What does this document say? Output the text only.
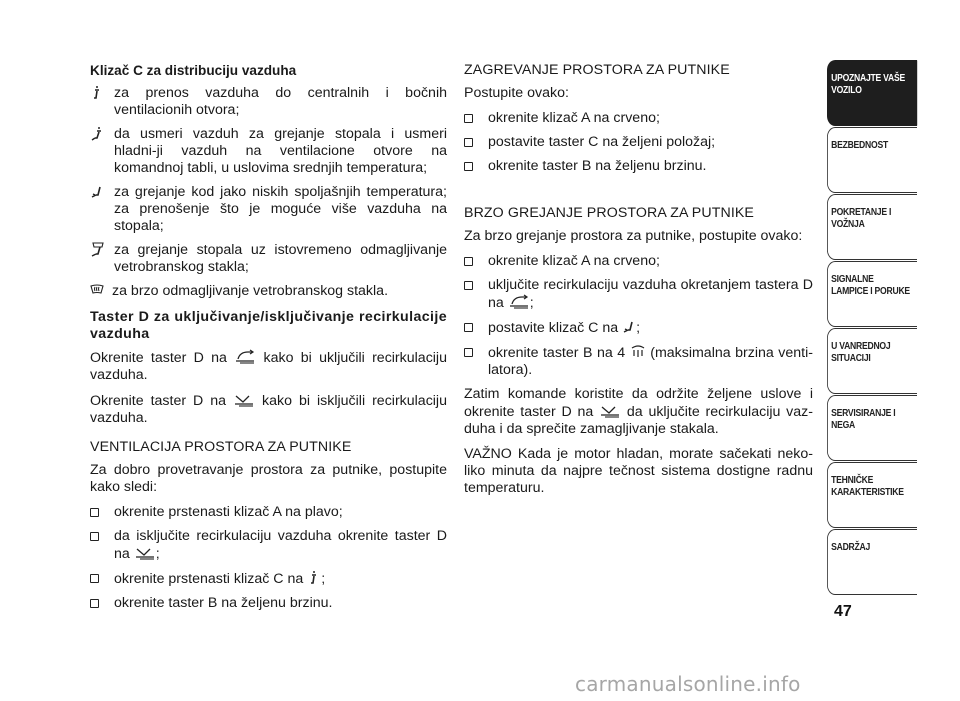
Klizač C za distribuciju vazduha
za prenos vazduha do centralnih i bočnih ventilacionih otvora;
da usmeri vazduh za grejanje stopala i usmeri hladni-ji vazduh na ventilacione otvore na komandnoj tabli, u uslovima srednjih temperatura;
za grejanje kod jako niskih spoljašnjih temperatura; za prenošenje što je moguće više vazduha na stopala;
za grejanje stopala uz istovremeno odmagljivanje vetrobranskog stakla;
za brzo odmagljivanje vetrobranskog stakla.
Taster D za uključivanje/isključivanje recirkulacije vazduha
Okrenite taster D na	kako bi uključili recirkulaciju vazduha.
Okrenite taster D na	kako bi isključili recirkulaciju vazduha.
VENTILACIJA PROSTORA ZA PUTNIKE
Za dobro provetravanje prostora za putnike, postupite kako sledi:
okrenite prstenasti klizač A na plavo;
da isključite recirkulaciju vazduha okrenite taster D na ;
okrenite prstenasti klizač C na ;
okrenite taster B na željenu brzinu.
ZAGREVANJE PROSTORA ZA PUTNIKE
Postupite ovako:
okrenite klizač A na crveno;
postavite taster C na željeni položaj;
okrenite taster B na željenu brzinu.
BRZO GREJANJE PROSTORA ZA PUTNIKE
Za brzo grejanje prostora za putnike, postupite ovako:
okrenite klizač A na crveno;
uključite recirkulaciju vazduha okretanjem tastera D na ;
postavite klizač C na ;
okrenite taster B na 4 (maksimalna brzina venti-latora).
Zatim komande koristite da održite željene uslove i okrenite taster D na da uključite recirkulaciju vaz-duha i da sprečite zamagljivanje stakala.
VAŽNO Kada je motor hladan, morate sačekati neko-liko minuta da najpre tečnost sistema dostigne radnu temperaturu.
UPOZNAJTE VAŠE VOZILO
BEZBEDNOST
POKRETANJE I VOŽNJA
SIGNALNE LAMPICE I PORUKE
U VANREDNOJ SITUACIJI
SERVISIRANJE I NEGA
TEHNIČKE KARAKTERISTIKE
SADRŽAJ
47
carmanualsonline.info
